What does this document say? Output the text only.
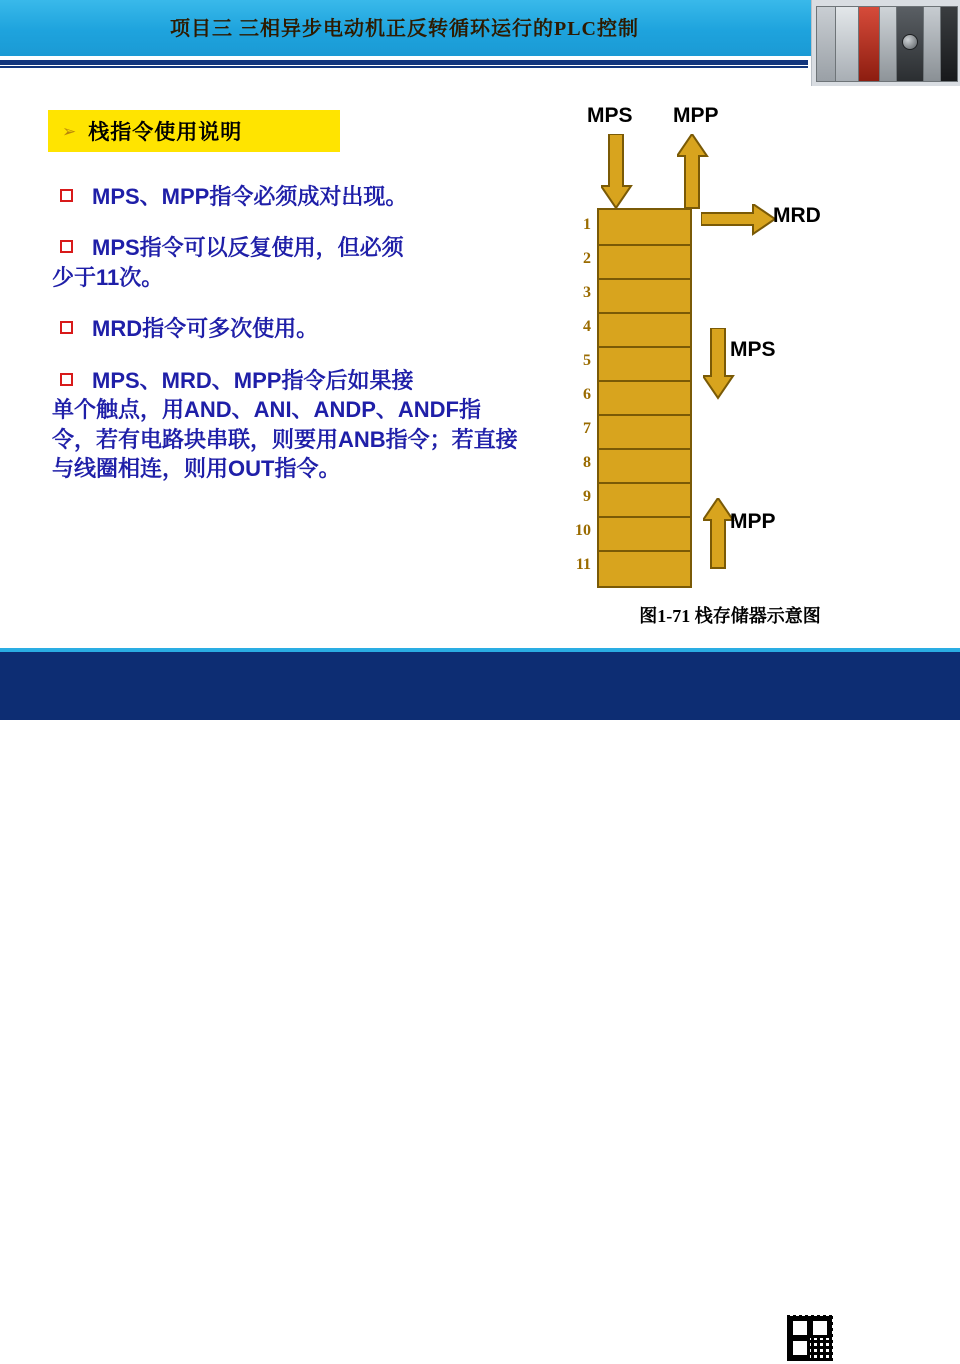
项目三 三相异步电动机正反转循环运行的PLC控制
➢ 栈指令使用说明
MPS、MPP指令必须成对出现。
MPS指令可以反复使用，但必须
少于11次。
MRD指令可多次使用。
MPS、MRD、MPP指令后如果接
单个触点，用AND、ANI、ANDP、ANDF指令，若有电路块串联，则要用ANB指令；若直接与线圈相连，则用OUT指令。
MPS MPP
MRD
MPS
MPP
1
2
3
4
5
6
7
8
9
10
11
图1-71 栈存储器示意图
机工教育
